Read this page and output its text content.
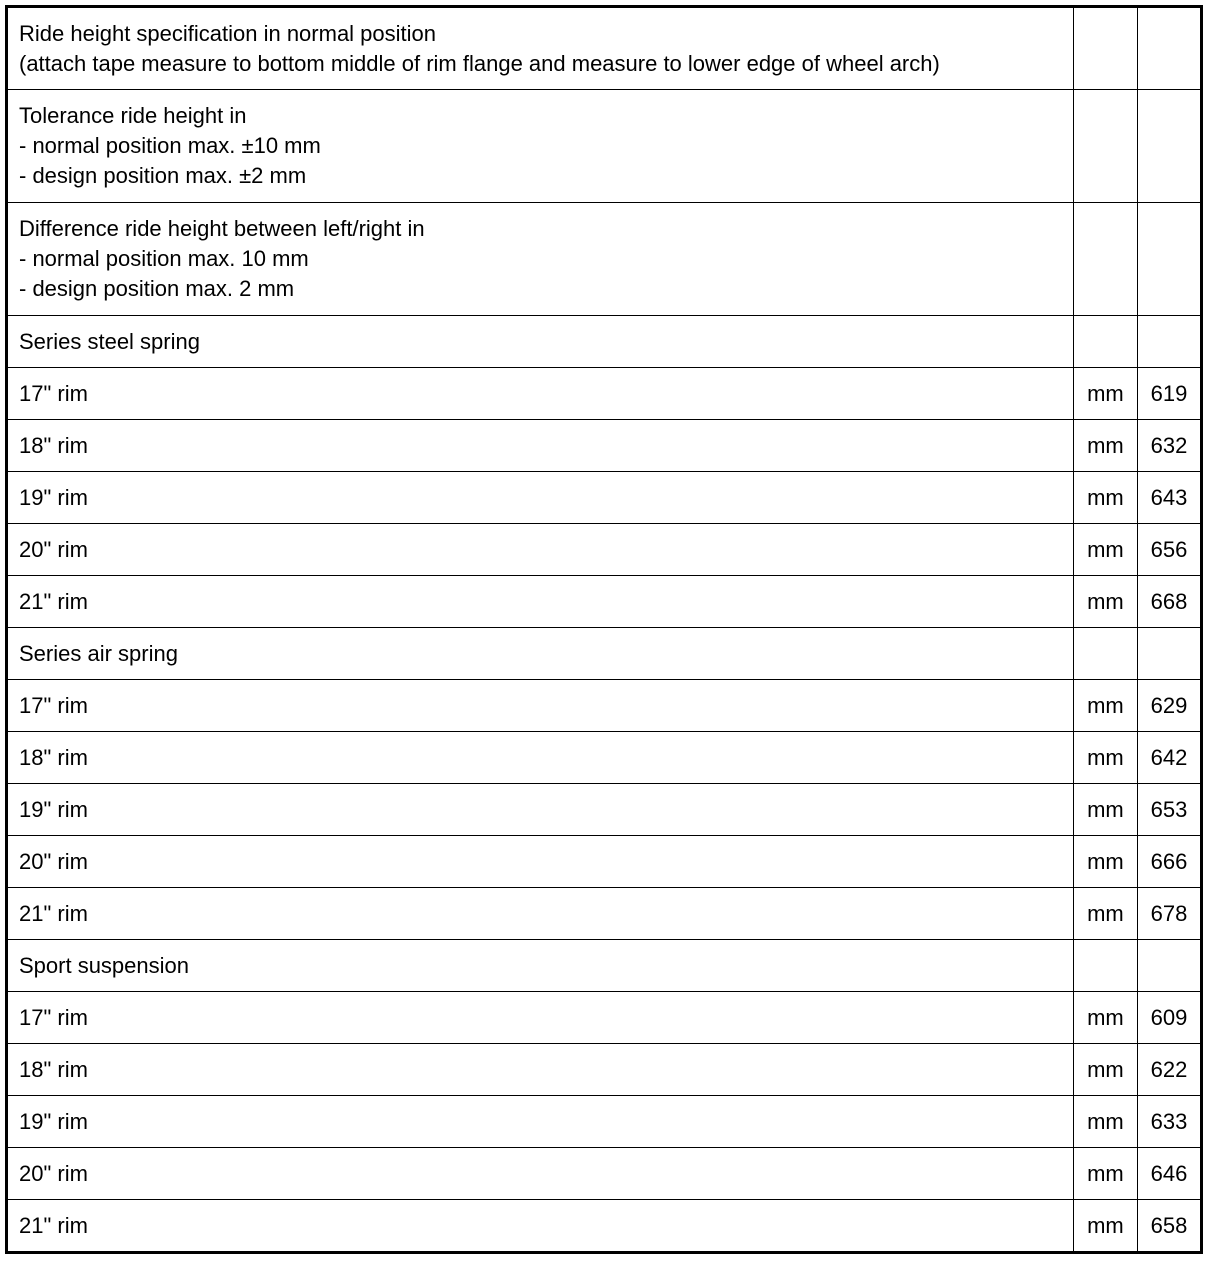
Ride height specification in normal position
(attach tape measure to bottom middle of rim flange and measure to lower edge of wheel arch)		
Tolerance ride height in
- normal position max. ±10 mm
- design position max. ±2 mm		
Difference ride height between left/right in
- normal position max. 10 mm
- design position max. 2 mm		
Series steel spring		
17" rim	mm	619
18" rim	mm	632
19" rim	mm	643
20" rim	mm	656
21" rim	mm	668
Series air spring		
17" rim	mm	629
18" rim	mm	642
19" rim	mm	653
20" rim	mm	666
21" rim	mm	678
Sport suspension		
17" rim	mm	609
18" rim	mm	622
19" rim	mm	633
20" rim	mm	646
21" rim	mm	658
